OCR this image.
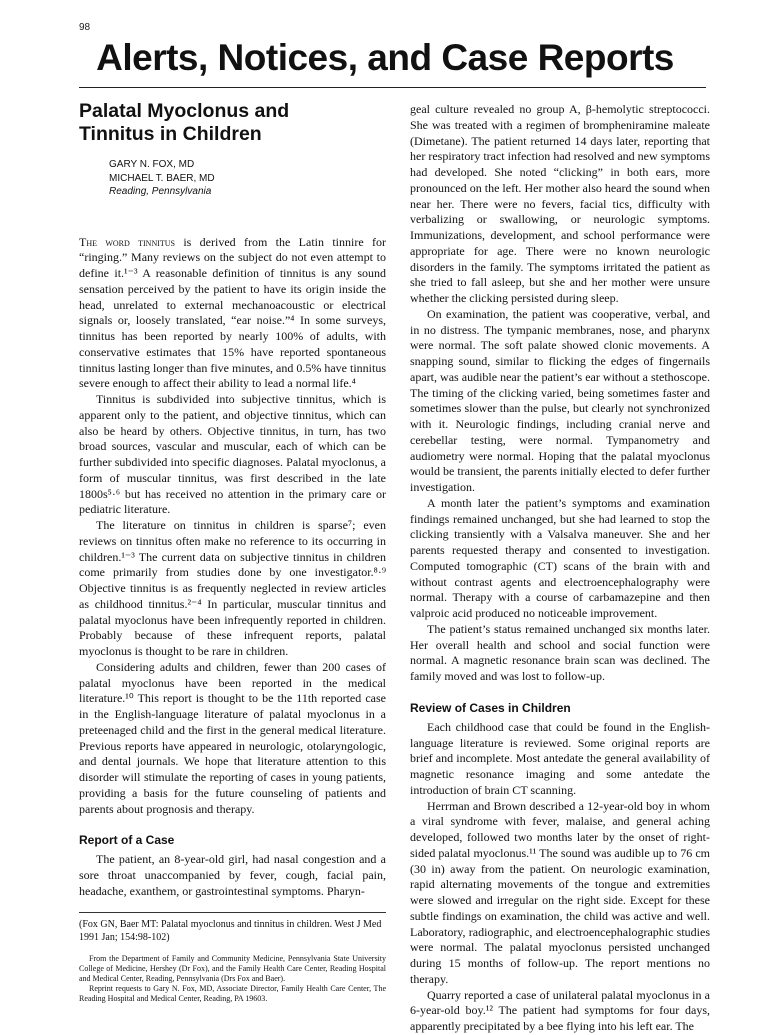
98
Alerts, Notices, and Case Reports
Palatal Myoclonus and
Tinnitus in Children
GARY N. FOX, MD
MICHAEL T. BAER, MD
Reading, Pennsylvania

The word tinnitus is derived from the Latin tinnire for “ringing.” Many reviews on the subject do not even attempt to define it.¹⁻³ A reasonable definition of tinnitus is any sound sensation perceived by the patient to have its origin inside the head, unrelated to external mechanoacoustic or electrical signals or, loosely translated, “ear noise.”⁴ In some surveys, tinnitus has been reported by nearly 100% of adults, with conservative estimates that 15% have reported spontaneous tinnitus lasting longer than five minutes, and 0.5% have tinnitus severe enough to affect their ability to lead a normal life.⁴

Tinnitus is subdivided into subjective tinnitus, which is apparent only to the patient, and objective tinnitus, which can also be heard by others. Objective tinnitus, in turn, has two broad sources, vascular and muscular, each of which can be further subdivided into specific diagnoses. Palatal myoclonus, a form of muscular tinnitus, was first described in the late 1800s⁵·⁶ but has received no attention in the primary care or pediatric literature.

The literature on tinnitus in children is sparse⁷; even reviews on tinnitus often make no reference to its occurring in children.¹⁻³ The current data on subjective tinnitus in children come primarily from studies done by one investigator.⁸·⁹ Objective tinnitus is as frequently neglected in review articles as childhood tinnitus.²⁻⁴ In particular, muscular tinnitus and palatal myoclonus have been infrequently reported in children. Probably because of these infrequent reports, palatal myoclonus is thought to be rare in children.

Considering adults and children, fewer than 200 cases of palatal myoclonus have been reported in the medical literature.¹⁰ This report is thought to be the 11th reported case in the English-language literature of palatal myoclonus in a preteenaged child and the first in the general medical literature. Previous reports have appeared in neurologic, otolaryngologic, and dental journals. We hope that literature attention to this disorder will stimulate the reporting of cases in young patients, providing a basis for the future counseling of patients and parents about prognosis and therapy.

Report of a Case

The patient, an 8-year-old girl, had nasal congestion and a sore throat unaccompanied by fever, cough, facial pain, headache, exanthem, or gastrointestinal symptoms. Pharyn-

(Fox GN, Baer MT: Palatal myoclonus and tinnitus in children. West J Med 1991 Jan; 154:98-102)
From the Department of Family and Community Medicine, Pennsylvania State University College of Medicine, Hershey (Dr Fox), and the Family Health Care Center, Reading Hospital and Medical Center, Reading, Pennsylvania (Drs Fox and Baer).
Reprint requests to Gary N. Fox, MD, Associate Director, Family Health Care Center, The Reading Hospital and Medical Center, Reading, PA 19603.

geal culture revealed no group A, β-hemolytic streptococci. She was treated with a regimen of brompheniramine maleate (Dimetane). The patient returned 14 days later, reporting that her respiratory tract infection had resolved and new symptoms had developed. She noted “clicking” in both ears, more pronounced on the left. Her mother also heard the sound when near her. There were no fevers, facial tics, difficulty with verbalizing or swallowing, or neurologic symptoms. Immunizations, development, and school performance were appropriate for age. There were no known neurologic disorders in the family. The symptoms irritated the patient as she tried to fall asleep, but she and her mother were unsure whether the clicking persisted during sleep.

On examination, the patient was cooperative, verbal, and in no distress. The tympanic membranes, nose, and pharynx were normal. The soft palate showed clonic movements. A snapping sound, similar to flicking the edges of fingernails apart, was audible near the patient’s ear without a stethoscope. The timing of the clicking varied, being sometimes faster and sometimes slower than the pulse, but clearly not synchronized with it. Neurologic findings, including cranial nerve and cerebellar testing, were normal. Tympanometry and audiometry were normal. Hoping that the palatal myoclonus would be transient, the parents initially elected to defer further investigation.

A month later the patient’s symptoms and examination findings remained unchanged, but she had learned to stop the clicking transiently with a Valsalva maneuver. She and her parents requested therapy and consented to investigation. Computed tomographic (CT) scans of the brain with and without contrast agents and electroencephalography were normal. Therapy with a course of carbamazepine and then valproic acid produced no noticeable improvement.

The patient’s status remained unchanged six months later. Her overall health and school and social function were normal. A magnetic resonance brain scan was declined. The family moved and was lost to follow-up.

Review of Cases in Children

Each childhood case that could be found in the English-language literature is reviewed. Some original reports are brief and incomplete. Most antedate the general availability of magnetic resonance imaging and some antedate the introduction of brain CT scanning.

Herrman and Brown described a 12-year-old boy in whom a viral syndrome with fever, malaise, and general aching developed, followed two months later by the onset of right-sided palatal myoclonus.¹¹ The sound was audible up to 76 cm (30 in) away from the patient. On neurologic examination, rapid alternating movements of the tongue and extremities were slowed and irregular on the right side. Except for these subtle findings on examination, the child was active and well. Laboratory, radiographic, and electroencephalographic studies were normal. The palatal myoclonus persisted unchanged during 15 months of follow-up. The report mentions no therapy.

Quarry reported a case of unilateral palatal myoclonus in a 6-year-old boy.¹² The patient had symptoms for four days, apparently precipitated by a bee flying into his left ear. The
